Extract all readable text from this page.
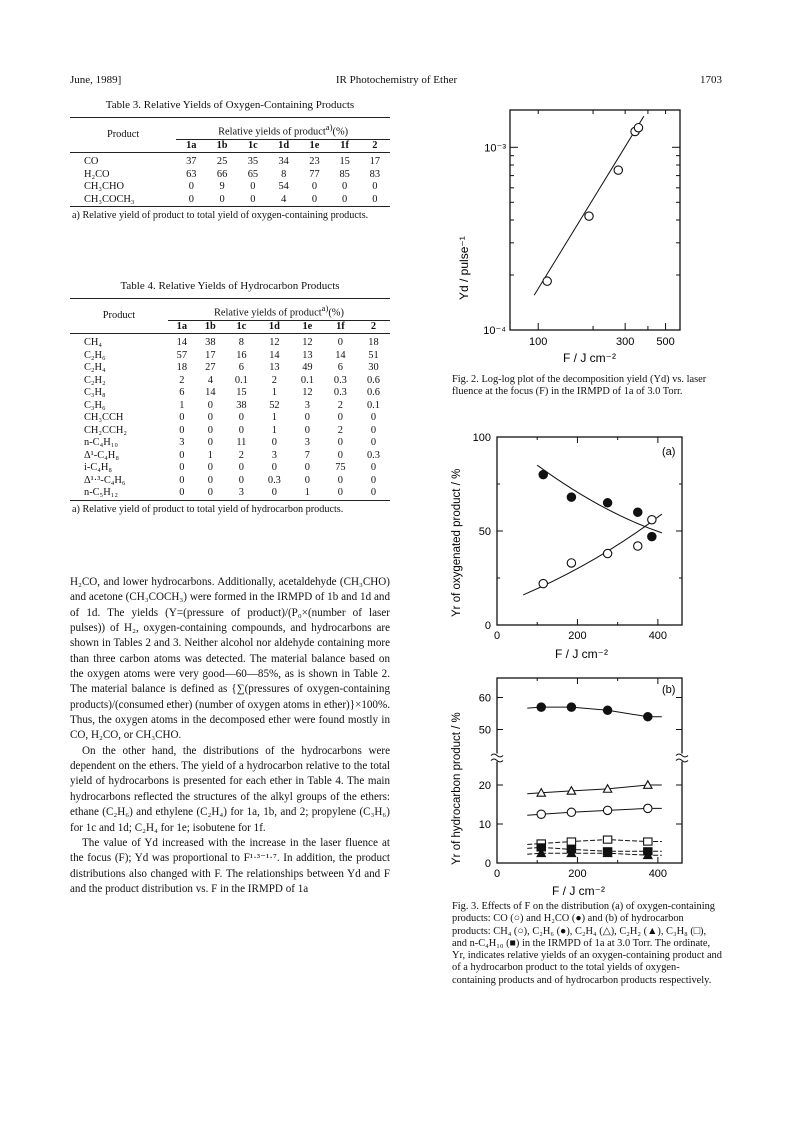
June, 1989]	IR Photochemistry of Ether	1703
Table 3. Relative Yields of Oxygen-Containing Products
Product	Relative yields of product$^{a)}$(%)						
	1a	1b	1c	1d	1e	1f	2
CO	37	25	35	34	23	15	17
H₂CO	63	66	65	8	77	85	83
CH₃CHO	0	9	0	54	0	0	0
CH₃COCH₃	0	0	0	4	0	0	0
a) Relative yield of product to total yield of oxygen-containing products.
Table 4. Relative Yields of Hydrocarbon Products
Product	Relative yields of product$^{a)}$(%)						
	1a	1b	1c	1d	1e	1f	2
CH₄	14	38	8	12	12	0	18
C₂H₆	57	17	16	14	13	14	51
C₂H₄	18	27	6	13	49	6	30
C₂H₂	2	4	0.1	2	0.1	0.3	0.6
C₃H₈	6	14	15	1	12	0.3	0.6
C₃H₆	1	0	38	52	3	2	0.1
CH₃CCH	0	0	0	1	0	0	0
CH₂CCH₂	0	0	0	1	0	2	0
n-C₄H₁₀	3	0	11	0	3	0	0
Δ¹-C₄H₈	0	1	2	3	7	0	0.3
i-C₄H₈	0	0	0	0	0	75	0
Δ¹·³-C₄H₆	0	0	0	0.3	0	0	0
n-C₅H₁₂	0	0	3	0	1	0	0
a) Relative yield of product to total yield of hydrocarbon products.

H₂CO, and lower hydrocarbons. Additionally, acetaldehyde (CH₃CHO) and acetone (CH₃COCH₃) were formed in the IRMPD of 1b and 1d and of 1d. The yields (Y=(pressure of product)/(P₀×(number of laser pulses)) of H₂, oxygen-containing compounds, and hydrocarbons are shown in Tables 2 and 3. Neither alcohol nor aldehyde containing more than three carbon atoms was detected. The material balance based on the oxygen atoms were very good—60—85%, as is shown in Table 2. The material balance is defined as {∑(pressures of oxygen-containing products)/(consumed ether) (number of oxygen atoms in ether)}×100%. Thus, the oxygen atoms in the decomposed ether were found mostly in CO, H₂CO, or CH₃CHO.

On the other hand, the distributions of the hydrocarbons were dependent on the ethers. The yield of a hydrocarbon relative to the total yield of hydrocarbons is presented for each ether in Table 4. The main hydrocarbons reflected the structures of the alkyl groups of the ethers: ethane (C₂H₆) and ethylene (C₂H₄) for 1a, 1b, and 2; propylene (C₃H₆) for 1c and 1d; C₂H₄ for 1e; isobutene for 1f.

The value of Yd increased with the increase in the laser fluence at the focus (F); Yd was proportional to F¹·³⁻¹·⁷. In addition, the product distributions also changed with F. The relationships between Yd and F and the product distribution vs. F in the IRMPD of 1a

Yd / pulse⁻¹
F / J cm⁻²
100	300 500
10⁻³
10⁻⁴
Fig. 2. Log-log plot of the decomposition yield (Yd) vs. laser fluence at the focus (F) in the IRMPD of 1a of 3.0 Torr.
(a)
(b)
Yr of oxygenated product / %
Yr of hydrocarbon product / %
F / J cm⁻²
F / J cm⁻²
0	200	400
100
50
0
0	200	400
60
50
20
10
0
Fig. 3. Effects of F on the distribution (a) of oxygen-containing products: CO (○) and H₂CO (●) and (b) of hydrocarbon products: CH₄ (○), C₂H₆ (●), C₂H₄ (△), C₂H₂ (▲), C₃H₈ (□), and n-C₄H₁₀ (■) in the IRMPD of 1a at 3.0 Torr. The ordinate, Yr, indicates relative yields of an oxygen-containing product and of a hydrocarbon product to the total yields of oxygen-containing products and of hydrocarbon products respectively.
